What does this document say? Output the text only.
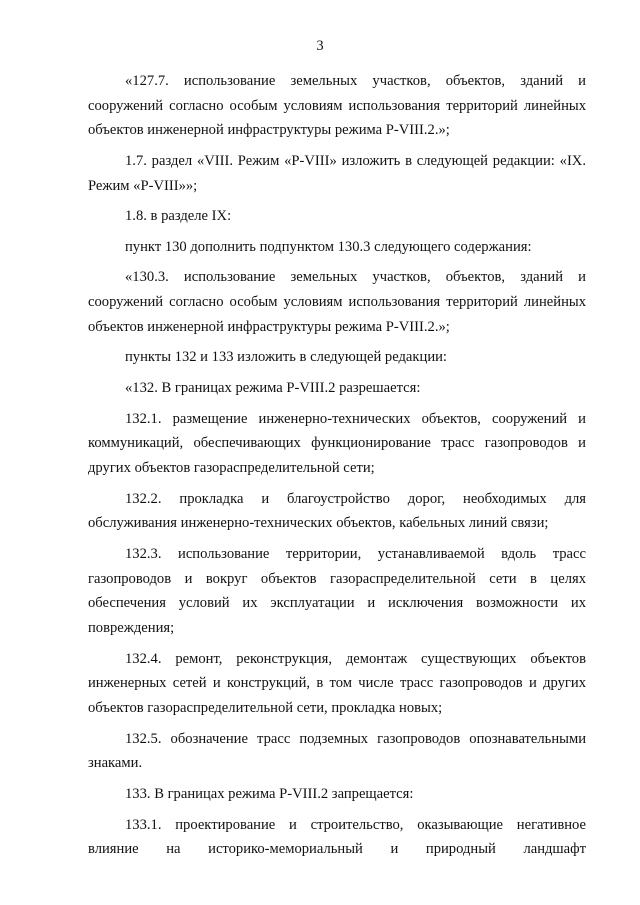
3

«127.7. использование земельных участков, объектов, зданий и сооружений согласно особым условиям использования территорий линейных объектов инженерной инфраструктуры режима Р-VIII.2.»;

1.7. раздел «VIII. Режим «Р-VIII» изложить в следующей редакции: «IX. Режим «Р-VIII»»;

1.8. в разделе IX:

пункт 130 дополнить подпунктом 130.3 следующего содержания:

«130.3. использование земельных участков, объектов, зданий и сооружений согласно особым условиям использования территорий линейных объектов инженерной инфраструктуры режима Р-VIII.2.»;

пункты 132 и 133 изложить в следующей редакции:

«132. В границах режима Р-VIII.2 разрешается:

132.1. размещение инженерно-технических объектов, сооружений и коммуникаций, обеспечивающих функционирование трасс газопроводов и других объектов газораспределительной сети;

132.2. прокладка и благоустройство дорог, необходимых для обслуживания инженерно-технических объектов, кабельных линий связи;

132.3. использование территории, устанавливаемой вдоль трасс газопроводов и вокруг объектов газораспределительной сети в целях обеспечения условий их эксплуатации и исключения возможности их повреждения;

132.4. ремонт, реконструкция, демонтаж существующих объектов инженерных сетей и конструкций, в том числе трасс газопроводов и других объектов газораспределительной сети, прокладка новых;

132.5. обозначение трасс подземных газопроводов опознавательными знаками.

133. В границах режима Р-VIII.2 запрещается:

133.1. проектирование и строительство, оказывающие негативное влияние на историко-мемориальный и природный ландшафт
